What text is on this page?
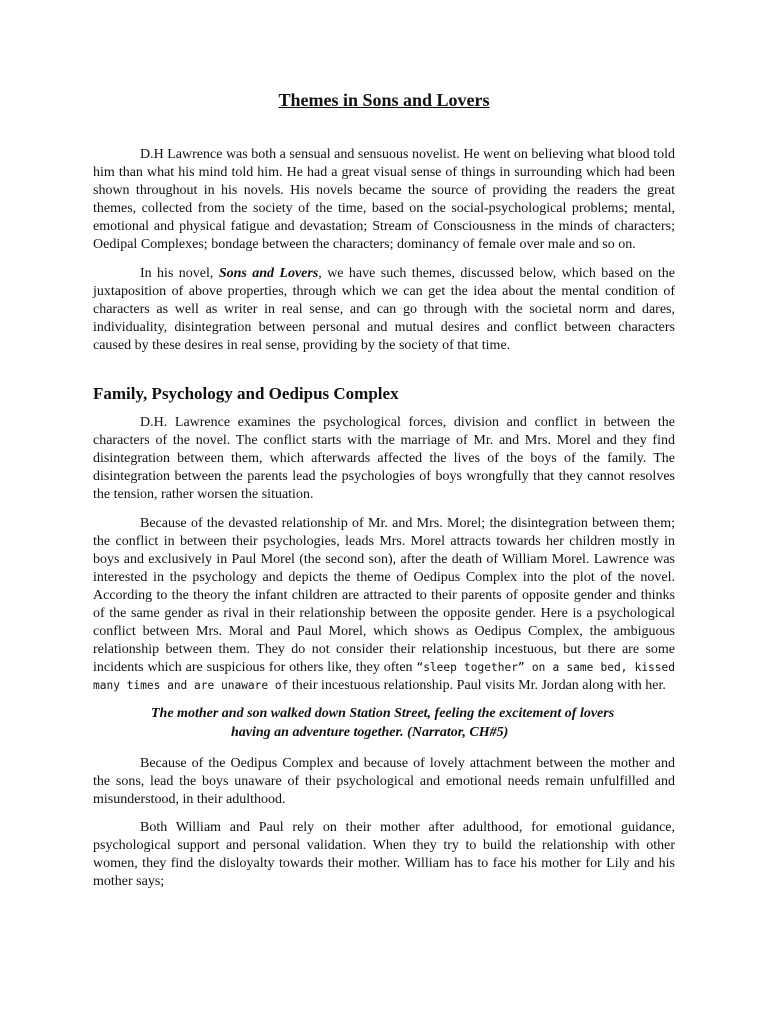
Themes in Sons and Lovers

D.H Lawrence was both a sensual and sensuous novelist. He went on believing what blood told him than what his mind told him. He had a great visual sense of things in surrounding which had been shown throughout in his novels. His novels became the source of providing the readers the great themes, collected from the society of the time, based on the social-psychological problems; mental, emotional and physical fatigue and devastation; Stream of Consciousness in the minds of characters; Oedipal Complexes; bondage between the characters; dominancy of female over male and so on.

In his novel, Sons and Lovers, we have such themes, discussed below, which based on the juxtaposition of above properties, through which we can get the idea about the mental condition of characters as well as writer in real sense, and can go through with the societal norm and dares, individuality, disintegration between personal and mutual desires and conflict between characters caused by these desires in real sense, providing by the society of that time.

Family, Psychology and Oedipus Complex

D.H. Lawrence examines the psychological forces, division and conflict in between the characters of the novel. The conflict starts with the marriage of Mr. and Mrs. Morel and they find disintegration between them, which afterwards affected the lives of the boys of the family. The disintegration between the parents lead the psychologies of boys wrongfully that they cannot resolves the tension, rather worsen the situation.

Because of the devasted relationship of Mr. and Mrs. Morel; the disintegration between them; the conflict in between their psychologies, leads Mrs. Morel attracts towards her children mostly in boys and exclusively in Paul Morel (the second son), after the death of William Morel. Lawrence was interested in the psychology and depicts the theme of Oedipus Complex into the plot of the novel. According to the theory the infant children are attracted to their parents of opposite gender and thinks of the same gender as rival in their relationship between the opposite gender. Here is a psychological conflict between Mrs. Moral and Paul Morel, which shows as Oedipus Complex, the ambiguous relationship between them. They do not consider their relationship incestuous, but there are some incidents which are suspicious for others like, they often “sleep together” on a same bed, kissed many times and are unaware of their incestuous relationship. Paul visits Mr. Jordan along with her.

The mother and son walked down Station Street, feeling the excitement of lovers
having an adventure together. (Narrator, CH#5)

Because of the Oedipus Complex and because of lovely attachment between the mother and the sons, lead the boys unaware of their psychological and emotional needs remain unfulfilled and misunderstood, in their adulthood.

Both William and Paul rely on their mother after adulthood, for emotional guidance, psychological support and personal validation. When they try to build the relationship with other women, they find the disloyalty towards their mother. William has to face his mother for Lily and his mother says;
